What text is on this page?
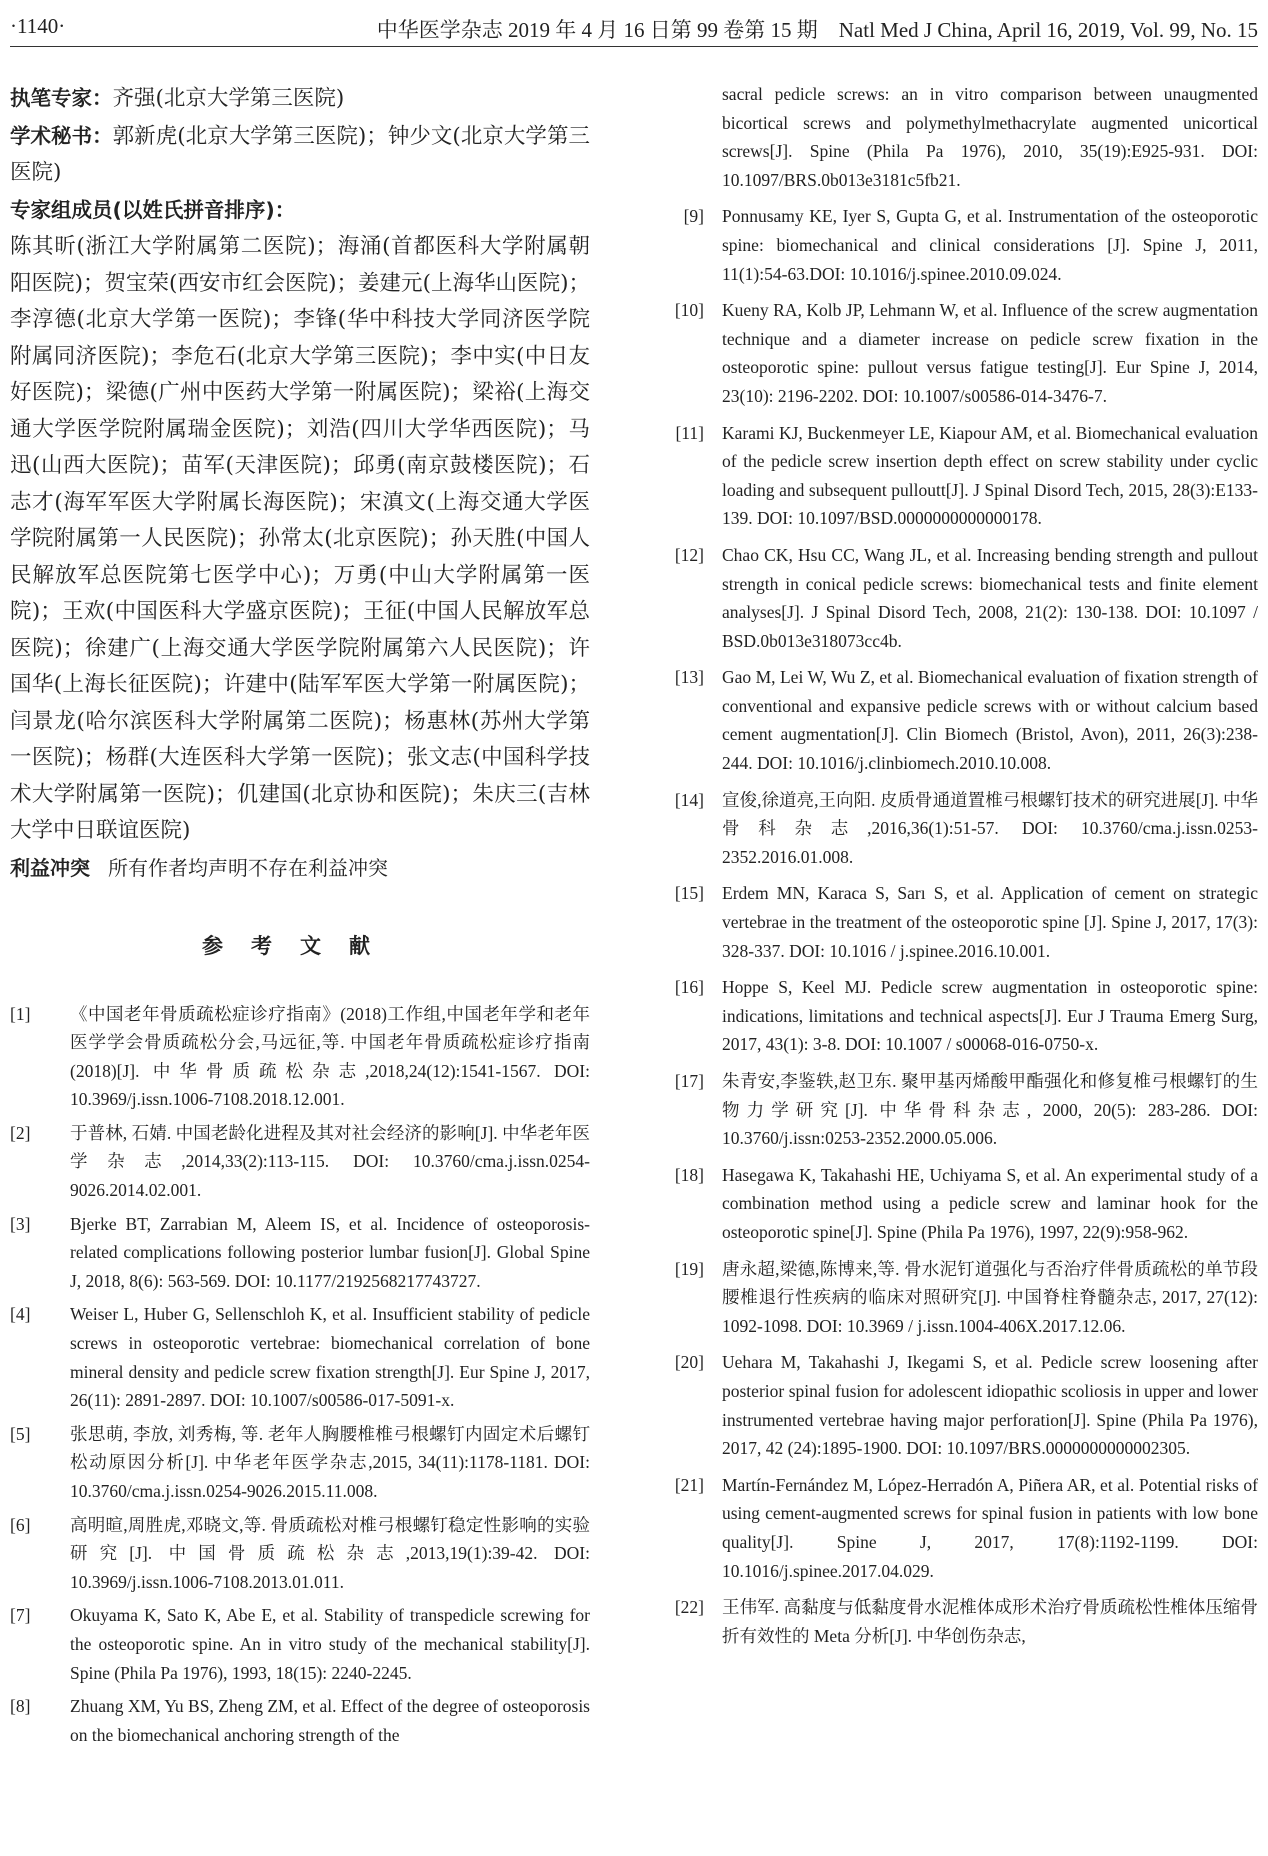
·1140·	中华医学杂志 2019 年 4 月 16 日第 99 卷第 15 期　Natl Med J China, April 16, 2019, Vol. 99, No. 15

执笔专家：齐强(北京大学第三医院)

学术秘书：郭新虎(北京大学第三医院)；钟少文(北京大学第三医院)

专家组成员(以姓氏拼音排序)：
陈其昕(浙江大学附属第二医院)；海涌(首都医科大学附属朝阳医院)；贺宝荣(西安市红会医院)；姜建元(上海华山医院)；李淳德(北京大学第一医院)；李锋(华中科技大学同济医学院附属同济医院)；李危石(北京大学第三医院)；李中实(中日友好医院)；梁德(广州中医药大学第一附属医院)；梁裕(上海交通大学医学院附属瑞金医院)；刘浩(四川大学华西医院)；马迅(山西大医院)；苗军(天津医院)；邱勇(南京鼓楼医院)；石志才(海军军医大学附属长海医院)；宋滇文(上海交通大学医学院附属第一人民医院)；孙常太(北京医院)；孙天胜(中国人民解放军总医院第七医学中心)；万勇(中山大学附属第一医院)；王欢(中国医科大学盛京医院)；王征(中国人民解放军总医院)；徐建广(上海交通大学医学院附属第六人民医院)；许国华(上海长征医院)；许建中(陆军军医大学第一附属医院)；闫景龙(哈尔滨医科大学附属第二医院)；杨惠林(苏州大学第一医院)；杨群(大连医科大学第一医院)；张文志(中国科学技术大学附属第一医院)；仉建国(北京协和医院)；朱庆三(吉林大学中日联谊医院)

利益冲突 所有作者均声明不存在利益冲突

参考文献
[1]	《中国老年骨质疏松症诊疗指南》(2018)工作组,中国老年学和老年医学学会骨质疏松分会,马远征,等. 中国老年骨质疏松症诊疗指南(2018)[J]. 中华骨质疏松杂志,2018,24(12):1541-1567. DOI: 10.3969/j.issn.1006-7108.2018.12.001.
[2]	于普林, 石婧. 中国老龄化进程及其对社会经济的影响[J]. 中华老年医学杂志,2014,33(2):113-115. DOI: 10.3760/cma.j.issn.0254-9026.2014.02.001.
[3]	Bjerke BT, Zarrabian M, Aleem IS, et al. Incidence of osteoporosis-related complications following posterior lumbar fusion[J]. Global Spine J, 2018, 8(6): 563-569. DOI: 10.1177/2192568217743727.
[4]	Weiser L, Huber G, Sellenschloh K, et al. Insufficient stability of pedicle screws in osteoporotic vertebrae: biomechanical correlation of bone mineral density and pedicle screw fixation strength[J]. Eur Spine J, 2017, 26(11): 2891-2897. DOI: 10.1007/s00586-017-5091-x.
[5]	张思萌, 李放, 刘秀梅, 等. 老年人胸腰椎椎弓根螺钉内固定术后螺钉松动原因分析[J]. 中华老年医学杂志,2015, 34(11):1178-1181. DOI: 10.3760/cma.j.issn.0254-9026.2015.11.008.
[6]	高明暄,周胜虎,邓晓文,等. 骨质疏松对椎弓根螺钉稳定性影响的实验研究[J]. 中国骨质疏松杂志,2013,19(1):39-42. DOI: 10.3969/j.issn.1006-7108.2013.01.011.
[7]	Okuyama K, Sato K, Abe E, et al. Stability of transpedicle screwing for the osteoporotic spine. An in vitro study of the mechanical stability[J]. Spine (Phila Pa 1976), 1993, 18(15): 2240-2245.
[8]	Zhuang XM, Yu BS, Zheng ZM, et al. Effect of the degree of osteoporosis on the biomechanical anchoring strength of the

sacral pedicle screws: an in vitro comparison between unaugmented bicortical screws and polymethylmethacrylate augmented unicortical screws[J]. Spine (Phila Pa 1976), 2010, 35(19):E925-931. DOI: 10.1097/BRS.0b013e3181c5fb21.

[9]	Ponnusamy KE, Iyer S, Gupta G, et al. Instrumentation of the osteoporotic spine: biomechanical and clinical considerations [J]. Spine J, 2011, 11(1):54-63.DOI: 10.1016/j.spinee.2010.09.024.
[10]	Kueny RA, Kolb JP, Lehmann W, et al. Influence of the screw augmentation technique and a diameter increase on pedicle screw fixation in the osteoporotic spine: pullout versus fatigue testing[J]. Eur Spine J, 2014, 23(10): 2196-2202. DOI: 10.1007/s00586-014-3476-7.
[11]	Karami KJ, Buckenmeyer LE, Kiapour AM, et al. Biomechanical evaluation of the pedicle screw insertion depth effect on screw stability under cyclic loading and subsequent pulloutt[J]. J Spinal Disord Tech, 2015, 28(3):E133-139. DOI: 10.1097/BSD.0000000000000178.
[12]	Chao CK, Hsu CC, Wang JL, et al. Increasing bending strength and pullout strength in conical pedicle screws: biomechanical tests and finite element analyses[J]. J Spinal Disord Tech, 2008, 21(2): 130-138. DOI: 10.1097 / BSD.0b013e318073cc4b.
[13]	Gao M, Lei W, Wu Z, et al. Biomechanical evaluation of fixation strength of conventional and expansive pedicle screws with or without calcium based cement augmentation[J]. Clin Biomech (Bristol, Avon), 2011, 26(3):238-244. DOI: 10.1016/j.clinbiomech.2010.10.008.
[14]	宣俊,徐道亮,王向阳. 皮质骨通道置椎弓根螺钉技术的研究进展[J]. 中华骨科杂志,2016,36(1):51-57. DOI: 10.3760/cma.j.issn.0253-2352.2016.01.008.
[15]	Erdem MN, Karaca S, Sarı S, et al. Application of cement on strategic vertebrae in the treatment of the osteoporotic spine [J]. Spine J, 2017, 17(3): 328-337. DOI: 10.1016 / j.spinee.2016.10.001.
[16]	Hoppe S, Keel MJ. Pedicle screw augmentation in osteoporotic spine: indications, limitations and technical aspects[J]. Eur J Trauma Emerg Surg, 2017, 43(1): 3-8. DOI: 10.1007 / s00068-016-0750-x.
[17]	朱青安,李鉴轶,赵卫东. 聚甲基丙烯酸甲酯强化和修复椎弓根螺钉的生物力学研究[J]. 中华骨科杂志, 2000, 20(5): 283-286. DOI: 10.3760/j.issn:0253-2352.2000.05.006.
[18]	Hasegawa K, Takahashi HE, Uchiyama S, et al. An experimental study of a combination method using a pedicle screw and laminar hook for the osteoporotic spine[J]. Spine (Phila Pa 1976), 1997, 22(9):958-962.
[19]	唐永超,梁德,陈博来,等. 骨水泥钉道强化与否治疗伴骨质疏松的单节段腰椎退行性疾病的临床对照研究[J]. 中国脊柱脊髓杂志, 2017, 27(12): 1092-1098. DOI: 10.3969 / j.issn.1004-406X.2017.12.06.
[20]	Uehara M, Takahashi J, Ikegami S, et al. Pedicle screw loosening after posterior spinal fusion for adolescent idiopathic scoliosis in upper and lower instrumented vertebrae having major perforation[J]. Spine (Phila Pa 1976), 2017, 42 (24):1895-1900. DOI: 10.1097/BRS.0000000000002305.
[21]	Martín-Fernández M, López-Herradón A, Piñera AR, et al. Potential risks of using cement-augmented screws for spinal fusion in patients with low bone quality[J]. Spine J, 2017, 17(8):1192-1199. DOI: 10.1016/j.spinee.2017.04.029.
[22]	王伟军. 高黏度与低黏度骨水泥椎体成形术治疗骨质疏松性椎体压缩骨折有效性的 Meta 分析[J]. 中华创伤杂志,
